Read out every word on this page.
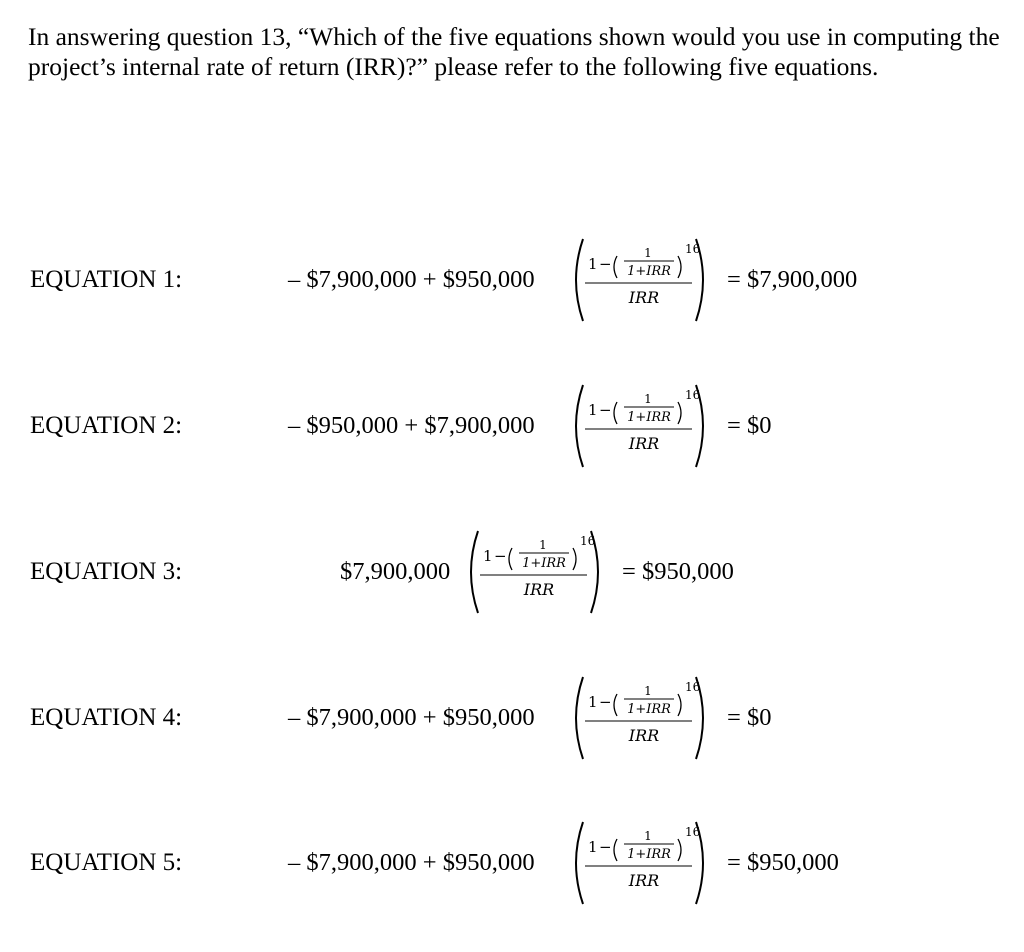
In answering question 13, “Which of the five equations shown would you use in computing the project’s internal rate of return (IRR)?” please refer to the following five equations.

EQUATION 1:	– $7,900,000 + $950,000
1 −
1
1+IRR
16
IRR
= $7,900,000
EQUATION 2:	– $950,000 + $7,900,000
1 −
1
1+IRR
16
IRR
= $0
EQUATION 3:	$7,900,000
1 −
1
1+IRR
16
IRR
= $950,000
EQUATION 4:	– $7,900,000 + $950,000
1 −
1
1+IRR
16
IRR
= $0
EQUATION 5:	– $7,900,000 + $950,000
1 −
1
1+IRR
16
IRR
= $950,000
